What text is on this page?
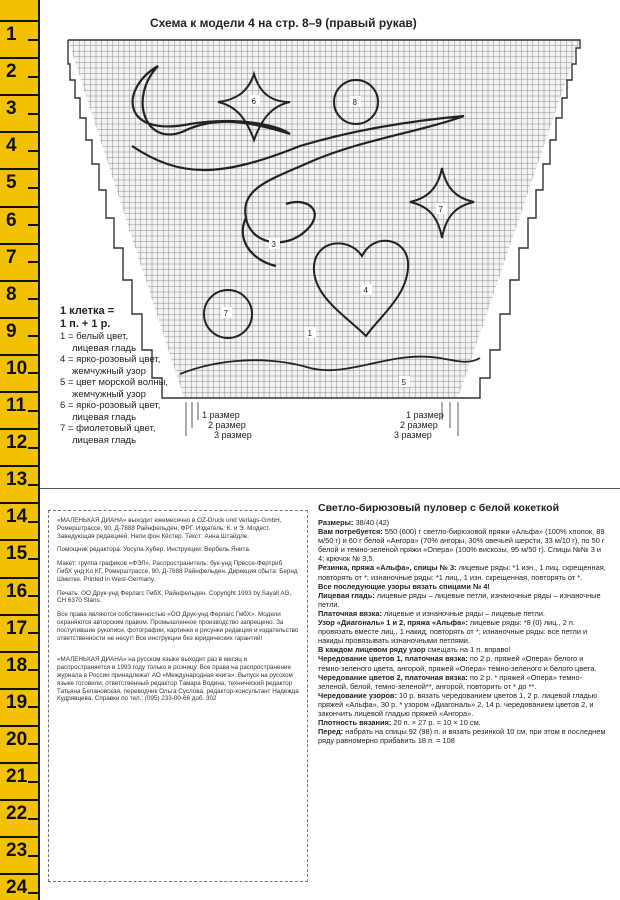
1
2
3
4
5
6
7
8
9
10
11
12
13
14
15
16
17
18
19
20
21
22
23
24
Схема к модели 4 на стр. 8–9 (правый рукав)
1
3
4
5
6
7
7
8
1 клетка =
1 п. + 1 р.
1 = белый цвет,
лицевая гладь
4 = ярко-розовый цвет,
жемчужный узор
5 = цвет морской волны,
жемчужный узор
6 = ярко-розовый цвет,
лицевая гладь
7 = фиолетовый цвет,
лицевая гладь
1 размер
2 размер
3 размер
1 размер
2 размер
3 размер

«МАЛЕНЬКАЯ ДИАНА» выходит ежемесячно в OZ-Druck und Verlags-GmbH, Ромерштрассе, 90, Д-7888 Райнфельден, ФРГ. Издатель: К. и Э. Модест. Заведующая редакцией: Нели фон Кёстер. Текст: Анна Штайдле.

Помощник редактора: Уосула Хубер. Инструкции: Вербель Янита.

Макет: группа графиков «ФЭЛ». Распространитель: бук-унд Прессе-Фертриб ГмбХ унд Ко КГ, Ромерштрассе, 90, Д-7888 Райнфельден. Дирекция сбыта: Бернд Шмитке. Printed in West-Germany.

Печать: ОО Друк-унд Ферлагс ГмбХ, Райнфельден. Copyright 1993 by Sayall AG, CH 6370 Stans.

Все права являются собственностью «ОО Друк-унд Ферлагс ГмбХ». Модели охраняются авторским правом. Промышленное производство запрещено. За поступившие рукописи, фотографии, картинки и рисунки редакция и издательство ответственности не несут! Все инструкции без юридических гарантий!

«МАЛЕНЬКАЯ ДИАНА» на русском языке выходит раз в месяц и распространяется в 1993 году только в розницу. Все права на распространение журнала в России принадлежат АО «Международная книга». Выпуск на русском языке готовили: ответственный редактор Тамара Водина, технический редактор Татьяна Белановская, переводчик Ольга Суслова, редактор-консультант Надежда Кудрявцева. Справки по тел.: (095) 233-00-66 доб. 302

Светло-бирюзовый пуловер с белой кокеткой

Размеры: 38/40 (42)

Вам потребуется: 550 (600) г светло-бирюзовой пряжи «Альфа» (100% хлопок, 89 м/50 г) и 60 г белой «Ангора» (70% ангоры, 30% овечьей шерсти, 33 м/10 г), по 50 г белой и темно-зеленой пряжи «Опера» (100% вискозы, 95 м/50 г). Спицы №№ 3 и 4; крючок № 3,5.

Резинка, пряжа «Альфа», спицы № 3: лицевые ряды: *1 изн., 1 лиц. скрещенная, повторять от *; изнаночные ряды: *1 лиц., 1 изн. скрещенная, повторять от *.

Все последующие узоры вязать спицами № 4!

Лицевая гладь: лицевые ряды – лицевые петли, изнаночные ряды – изнаночные петли.

Платочная вязка: лицевые и изнаночные ряды – лицевые петли.

Узор «Диагональ» 1 и 2, пряжа «Альфа»: лицевые ряды: *8 (0) лиц., 2 п. провязать вместе лиц., 1 накид, повторять от *; изнаночные ряды: все петли и накиды провязывать изнаночными петлями.

В каждом лицевом ряду узор смещать на 1 п. вправо!

Чередование цветов 1, платочная вязка: по 2 р. пряжей «Опера» белого и темно-зеленого цвета, ангорой, пряжей «Опера» темно-зеленого и белого цвета.

Чередование цветов 2, платочная вязка: по 2 р. * пряжей «Опера» темно-зеленой, белой, темно-зеленой**, ангорой, повторить от * до **.

Чередование узоров: 10 р. вязать чередованием цветов 1, 2 р. лицевой гладью пряжей «Альфа», 30 р. * узором «Диагональ» 2, 14 р. чередованием цветов 2, и закончить лицевой гладью пряжей «Ангора».

Плотность вязания: 20 п. × 27 р. = 10 × 10 см.

Перед: набрать на спицы 92 (98) п. и вязать резинкой 10 см, при этом в последнем ряду равномерно прибавить 18 п. = 108
